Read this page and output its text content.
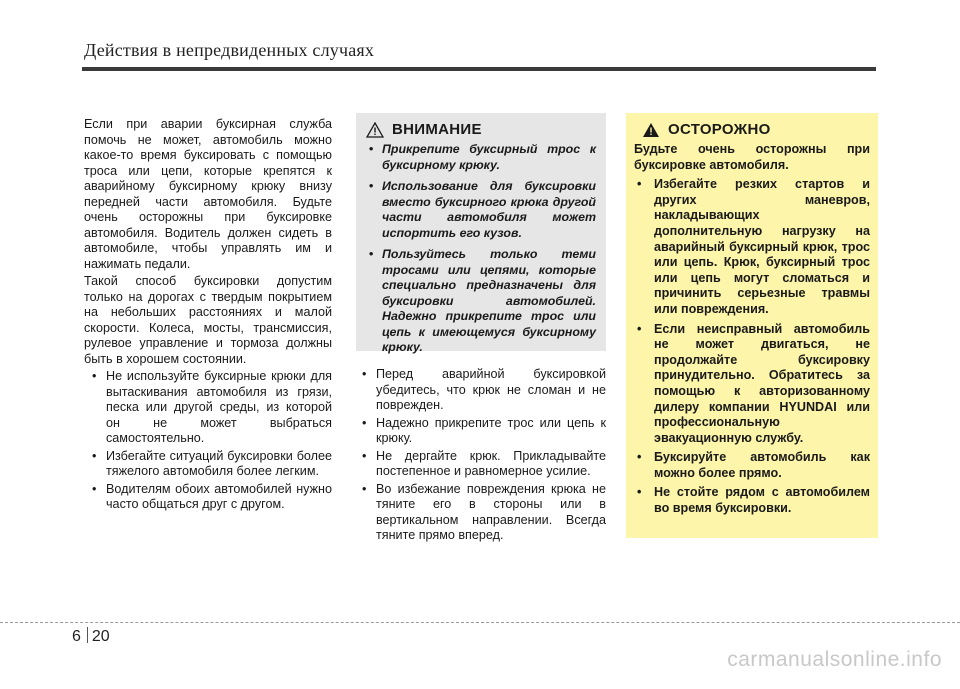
Действия в непредвиденных случаях

Если при аварии буксирная служба помочь не может, автомобиль можно какое-то время буксировать с помощью троса или цепи, которые крепятся к аварийному буксирному крюку внизу передней части автомобиля. Будьте очень осторожны при буксировке автомобиля. Водитель должен сидеть в автомобиле, чтобы управлять им и нажимать педали.

Такой способ буксировки допустим только на дорогах с твердым покрытием на небольших расстояниях и малой скорости. Колеса, мосты, трансмиссия, рулевое управление и тормоза должны быть в хорошем состоянии.

• Не используйте буксирные крюки для вытаскивания автомобиля из грязи, песка или другой среды, из которой он не может выбраться самостоятельно.
• Избегайте ситуаций буксировки более тяжелого автомобиля более легким.
• Водителям обоих автомобилей нужно часто общаться друг с другом.
ВНИМАНИЕ
• Прикрепите буксирный трос к буксирному крюку.
• Использование для буксировки вместо буксирного крюка другой части автомобиля может испортить его кузов.
• Пользуйтесь только теми тросами или цепями, которые специально предназначены для буксировки автомобилей. Надежно прикрепите трос или цепь к имеющемуся буксирному крюку.
• Перед аварийной буксировкой убедитесь, что крюк не сломан и не поврежден.
• Надежно прикрепите трос или цепь к крюку.
• Не дергайте крюк. Прикладывайте постепенное и равномерное усилие.
• Во избежание повреждения крюка не тяните его в стороны или в вертикальном направлении. Всегда тяните прямо вперед.
ОСТОРОЖНО
Будьте очень осторожны при буксировке автомобиля.
• Избегайте резких стартов и других маневров, накладывающих дополнительную нагрузку на аварийный буксирный крюк, трос или цепь. Крюк, буксирный трос или цепь могут сломаться и причинить серьезные травмы или повреждения.
• Если неисправный автомобиль не может двигаться, не продолжайте буксировку принудительно. Обратитесь за помощью к авторизованному дилеру компании HYUNDAI или профессиональную эвакуационную службу.
• Буксируйте автомобиль как можно более прямо.
• Не стойте рядом с автомобилем во время буксировки.
6 20
carmanualsonline.info
